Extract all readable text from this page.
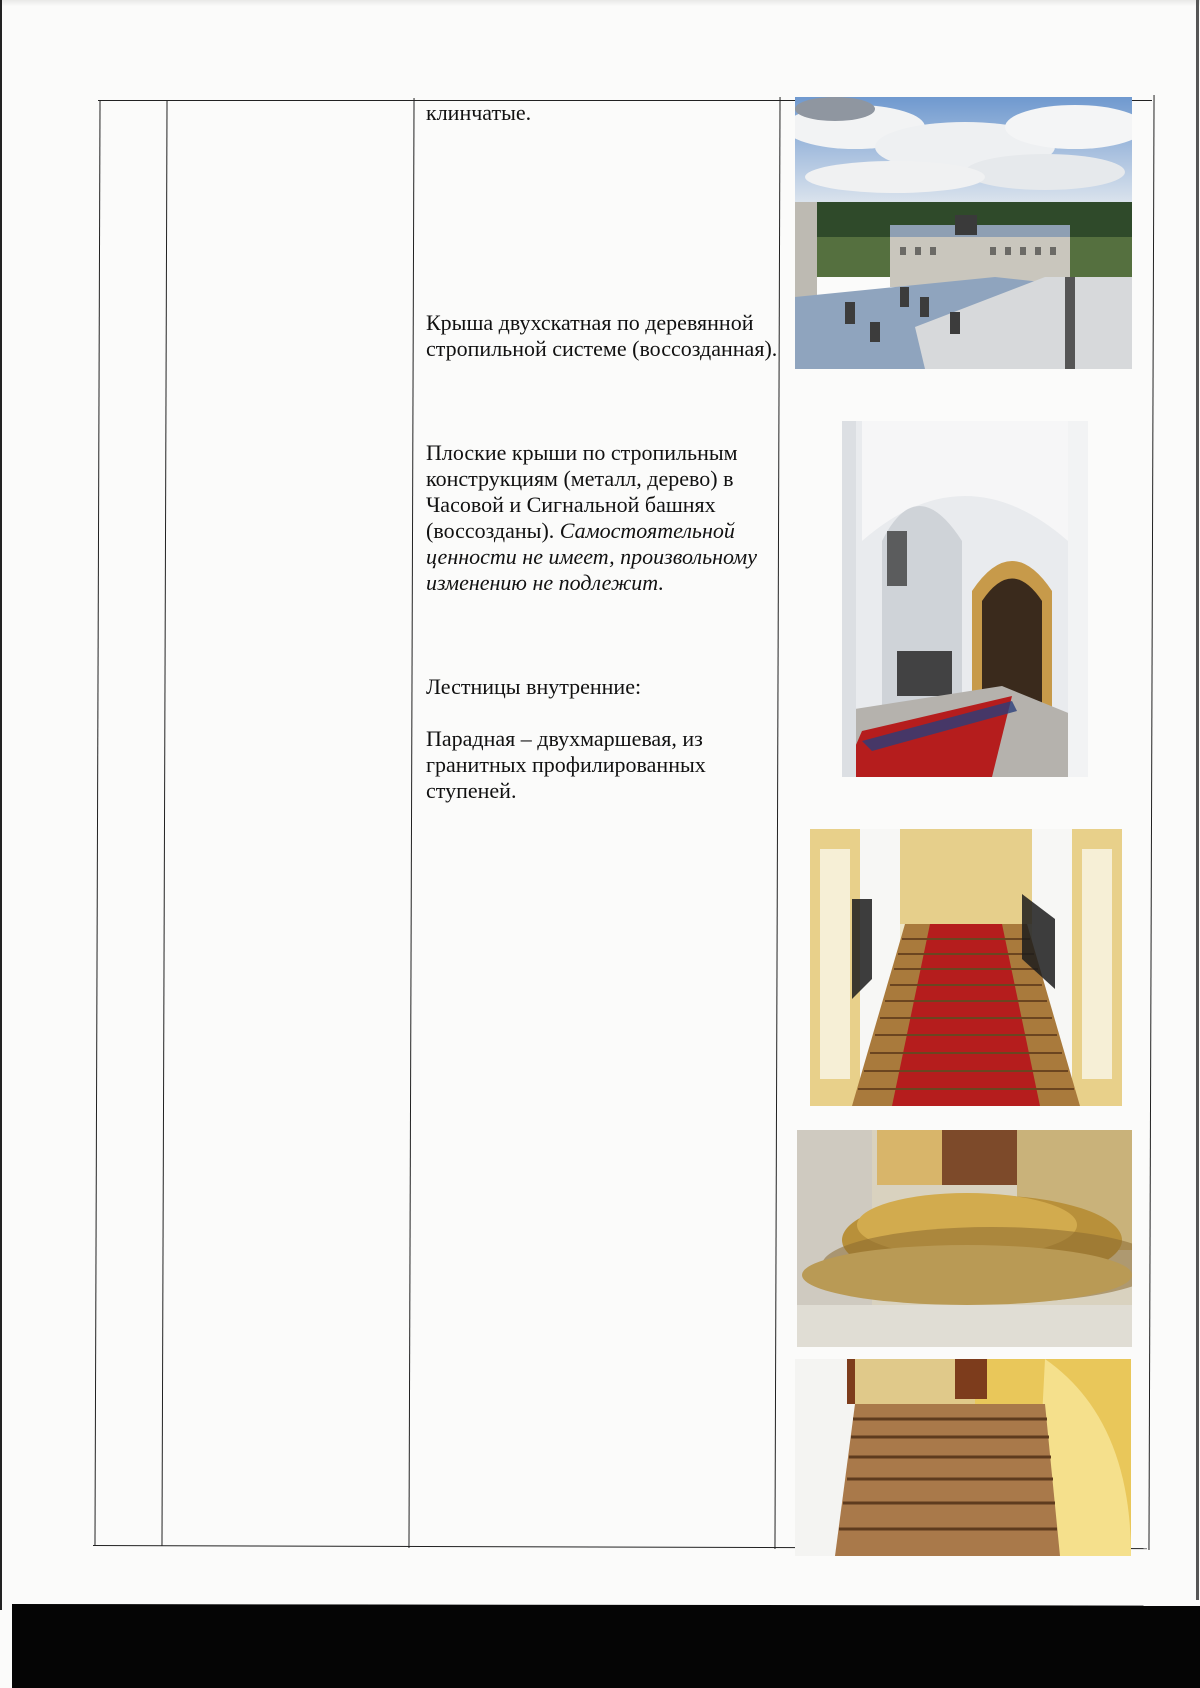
клинчатые.
Крыша двухскатная по деревянной стропильной системе (воссозданная).
Плоские крыши по стропильным конструкциям (металл, дерево) в Часовой и Сигнальной башнях (воссозданы). Самостоятельной ценности не имеет, произвольному изменению не подлежит.
Лестницы внутренние:
Парадная – двухмаршевая, из гранитных профилированных ступеней.
